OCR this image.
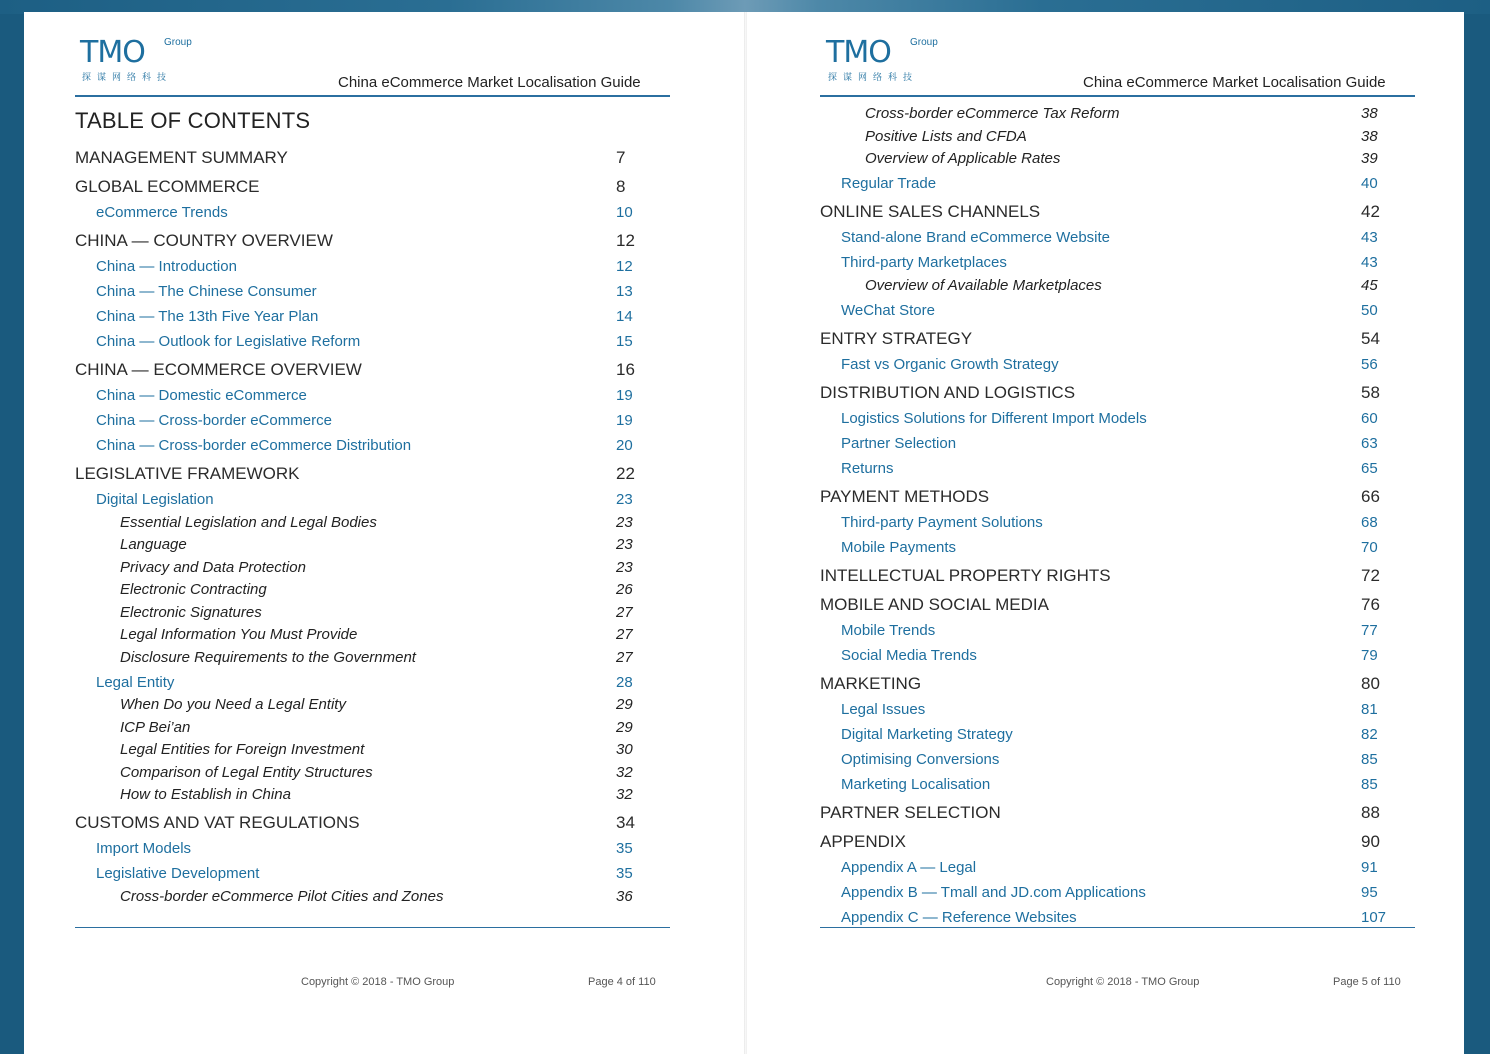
TMO Group
探谋网络科技	China eCommerce Market Localisation Guide
TABLE OF CONTENTS
MANAGEMENT SUMMARY	7
GLOBAL ECOMMERCE	8
eCommerce Trends	10
CHINA — COUNTRY OVERVIEW	12
China — Introduction	12
China — The Chinese Consumer	13
China — The 13th Five Year Plan	14
China — Outlook for Legislative Reform	15
CHINA — ECOMMERCE OVERVIEW	16
China — Domestic eCommerce	19
China — Cross-border eCommerce	19
China — Cross-border eCommerce Distribution	20
LEGISLATIVE FRAMEWORK	22
Digital Legislation	23
Essential Legislation and Legal Bodies	23
Language	23
Privacy and Data Protection	23
Electronic Contracting	26
Electronic Signatures	27
Legal Information You Must Provide	27
Disclosure Requirements to the Government	27
Legal Entity	28
When Do you Need a Legal Entity	29
ICP Bei’an	29
Legal Entities for Foreign Investment	30
Comparison of Legal Entity Structures	32
How to Establish in China	32
CUSTOMS AND VAT REGULATIONS	34
Import Models	35
Legislative Development	35
Cross-border eCommerce Pilot Cities and Zones	36
Copyright © 2018 - TMO Group	Page 4 of 110
TMO Group
探谋网络科技	China eCommerce Market Localisation Guide
Cross-border eCommerce Tax Reform	38
Positive Lists and CFDA	38
Overview of Applicable Rates	39
Regular Trade	40
ONLINE SALES CHANNELS	42
Stand-alone Brand eCommerce Website	43
Third-party Marketplaces	43
Overview of Available Marketplaces	45
WeChat Store	50
ENTRY STRATEGY	54
Fast vs Organic Growth Strategy	56
DISTRIBUTION AND LOGISTICS	58
Logistics Solutions for Different Import Models	60
Partner Selection	63
Returns	65
PAYMENT METHODS	66
Third-party Payment Solutions	68
Mobile Payments	70
INTELLECTUAL PROPERTY RIGHTS	72
MOBILE AND SOCIAL MEDIA	76
Mobile Trends	77
Social Media Trends	79
MARKETING	80
Legal Issues	81
Digital Marketing Strategy	82
Optimising Conversions	85
Marketing Localisation	85
PARTNER SELECTION	88
APPENDIX	90
Appendix A — Legal	91
Appendix B — Tmall and JD.com Applications	95
Appendix C — Reference Websites	107
Copyright © 2018 - TMO Group	Page 5 of 110
